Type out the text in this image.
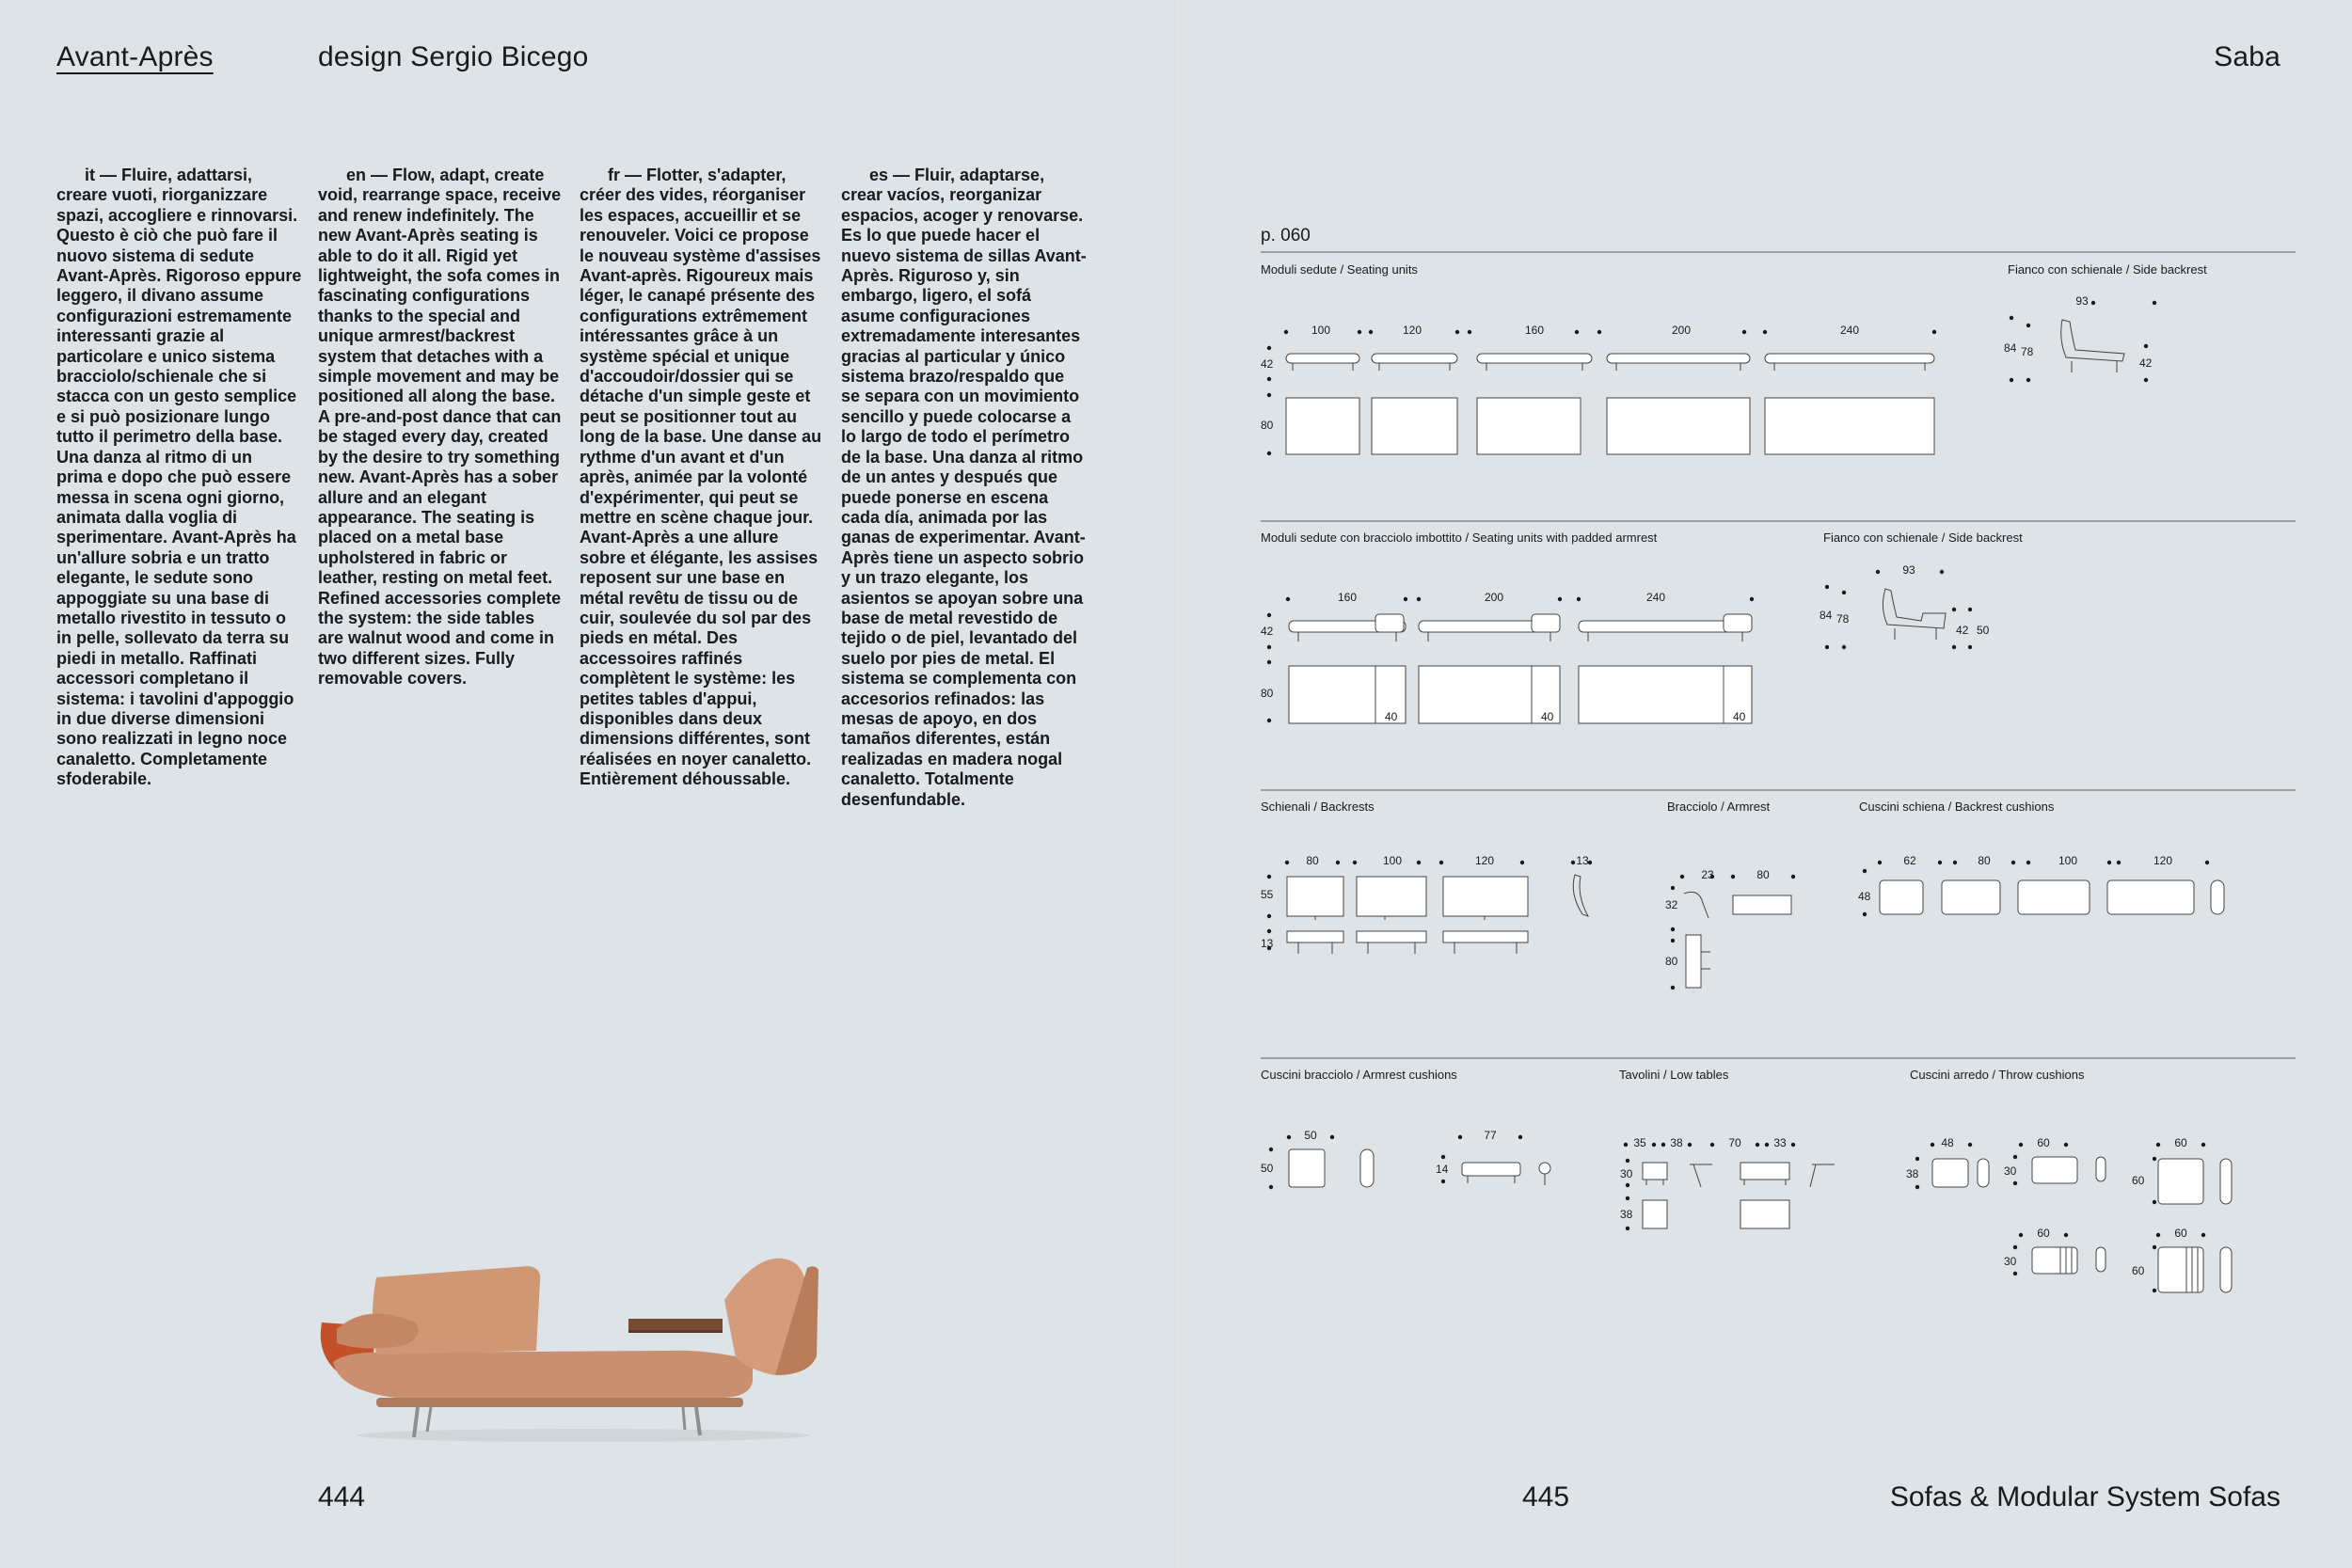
Avant-Après	design Sergio Bicego

it — Fluire, adattarsi, creare vuoti, riorganizzare spazi, accogliere e rinnovarsi. Questo è ciò che può fare il nuovo sistema di sedute Avant-Après. Rigoroso eppure leggero, il divano assume configurazioni estremamente interessanti grazie al particolare e unico sistema bracciolo/schienale che si stacca con un gesto semplice e si può posizionare lungo tutto il perimetro della base. Una danza al ritmo di un prima e dopo che può essere messa in scena ogni giorno, animata dalla voglia di sperimentare. Avant-Après ha un'allure sobria e un tratto elegante, le sedute sono appoggiate su una base di metallo rivestito in tessuto o in pelle, sollevato da terra su piedi in metallo. Raffinati accessori completano il sistema: i tavolini d'appoggio in due diverse dimensioni sono realizzati in legno noce canaletto. Completamente sfoderabile.

en — Flow, adapt, create void, rearrange space, receive and renew indefinitely. The new Avant-Après seating is able to do it all. Rigid yet lightweight, the sofa comes in fascinating configurations thanks to the special and unique armrest/backrest system that detaches with a simple movement and may be positioned all along the base. A pre-and-post dance that can be staged every day, created by the desire to try something new. Avant-Après has a sober allure and an elegant appearance. The seating is placed on a metal base upholstered in fabric or leather, resting on metal feet. Refined accessories complete the system: the side tables are walnut wood and come in two different sizes. Fully removable covers.

fr — Flotter, s'adapter, créer des vides, réorganiser les espaces, accueillir et se renouveler. Voici ce propose le nouveau système d'assises Avant-après. Rigoureux mais léger, le canapé présente des configurations extrêmement intéressantes grâce à un système spécial et unique d'accoudoir/dossier qui se détache d'un simple geste et peut se positionner tout au long de la base. Une danse au rythme d'un avant et d'un après, animée par la volonté d'expérimenter, qui peut se mettre en scène chaque jour. Avant-Après a une allure sobre et élégante, les assises reposent sur une base en métal revêtu de tissu ou de cuir, soulevée du sol par des pieds en métal. Des accessoires raffinés complètent le système: les petites tables d'appui, disponibles dans deux dimensions différentes, sont réalisées en noyer canaletto. Entièrement déhoussable.

es — Fluir, adaptarse, crear vacíos, reorganizar espacios, acoger y renovarse. Es lo que puede hacer el nuevo sistema de sillas Avant-Après. Riguroso y, sin embargo, ligero, el sofá asume configuraciones extremadamente interesantes gracias al particular y único sistema brazo/respaldo que se separa con un movimiento sencillo y puede colocarse a lo largo de todo el perímetro de la base. Una danza al ritmo de un antes y después que puede ponerse en escena cada día, animada por las ganas de experimentar. Avant-Après tiene un aspecto sobrio y un trazo elegante, los asientos se apoyan sobre una base de metal revestido de tejido o de piel, levantado del suelo por pies de metal. El sistema se complementa con accesorios refinados: las mesas de apoyo, en dos tamaños diferentes, están realizadas en madera nogal canaletto. Totalmente desenfundable.

444
Saba
p. 060
Moduli sedute / Seating units	Fianco con schienale / Side backrest
100	120	160	200	240
42
80
93
84 78
42
Moduli sedute con bracciolo imbottito / Seating units with padded armrest	Fianco con schienale / Side backrest
160	200	240
42
80
40	40	40
93
84 78
42 50
Schienali / Backrests	Bracciolo / Armrest	Cuscini schiena / Backrest cushions
80	100	120
55
13
13
23	80
32
80
48
62	80	100	120
Cuscini bracciolo / Armrest cushions	Tavolini / Low tables	Cuscini arredo / Throw cushions
50
50
77
14
35 38	70	33
30
38
48
38
60
30
60
60
60
30
60
60
445	Sofas & Modular System Sofas
